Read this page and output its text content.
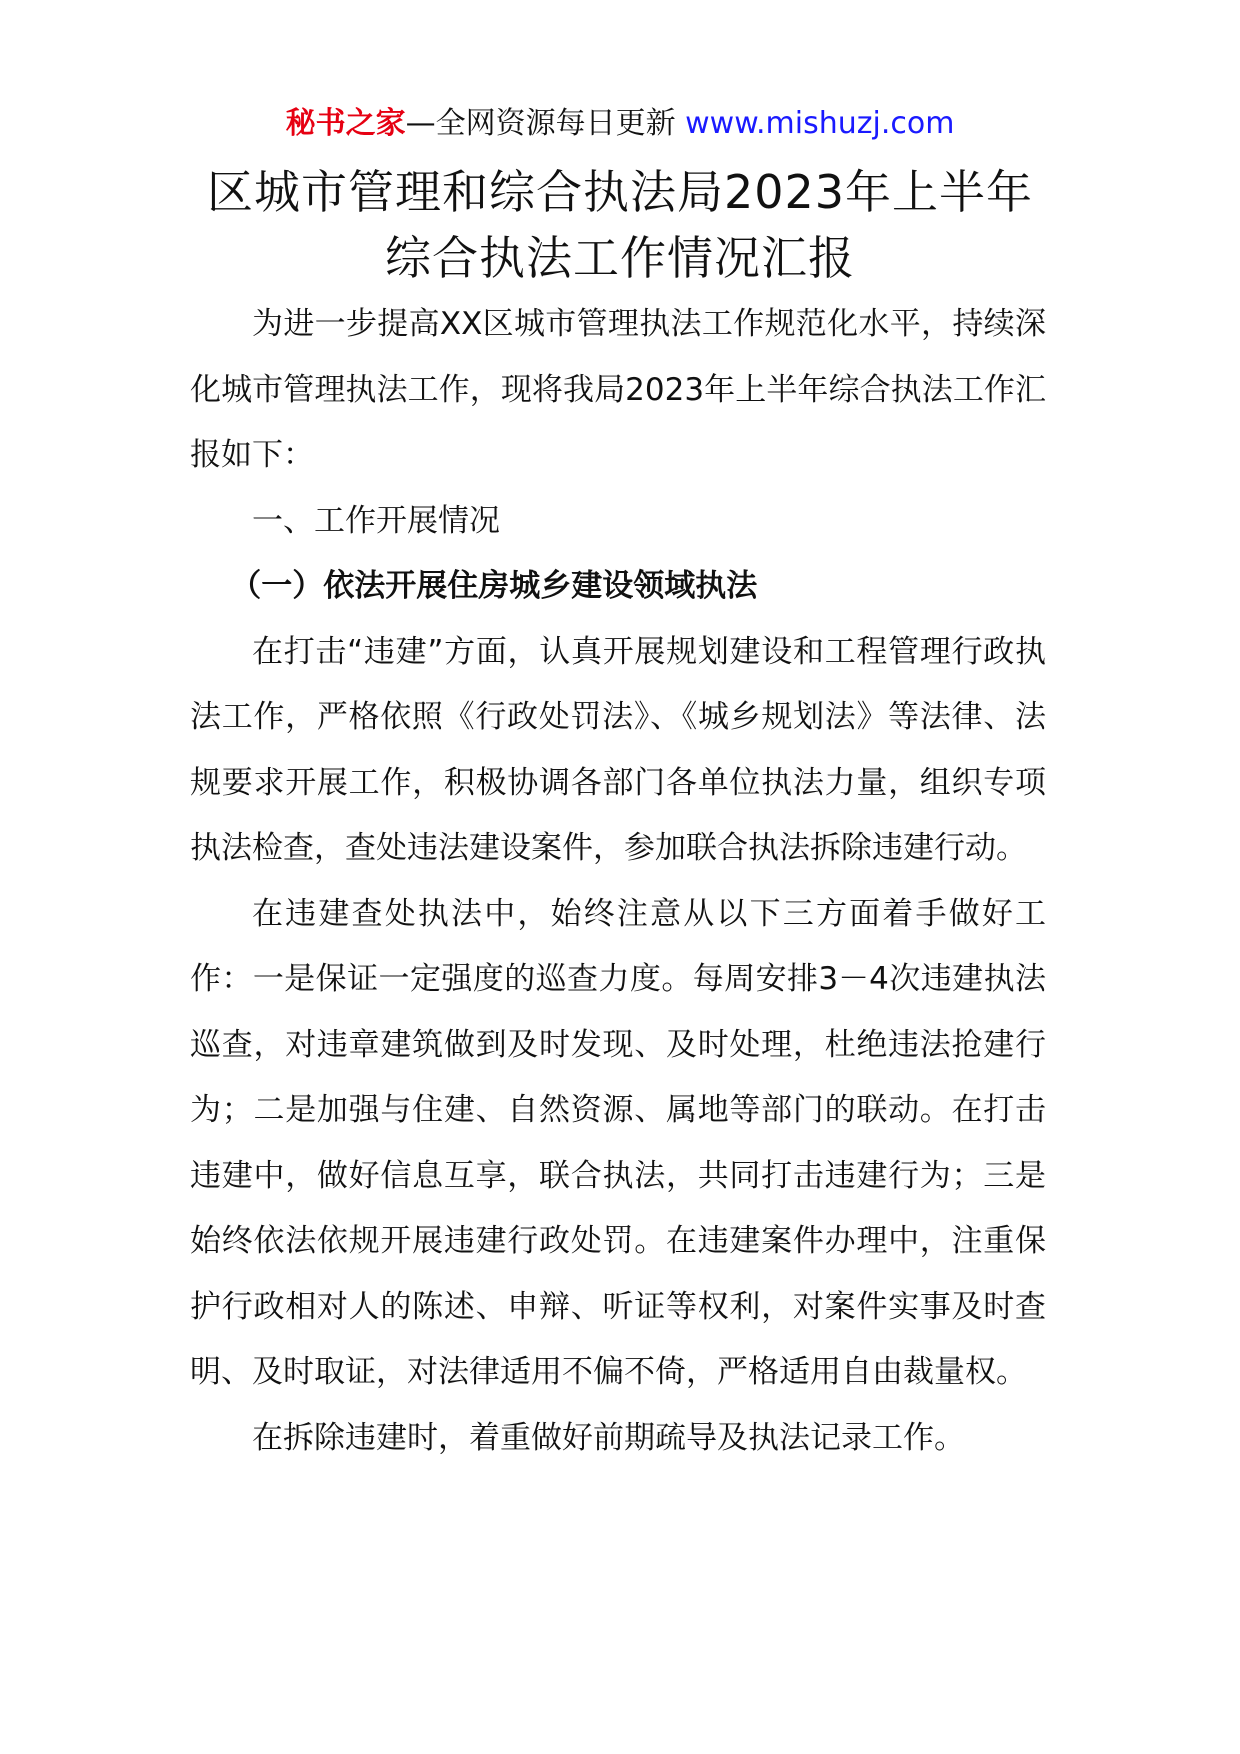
秘书之家—全网资源每日更新 www.mishuzj.com
区城市管理和综合执法局2023年上半年
综合执法工作情况汇报

为进一步提高XX区城市管理执法工作规范化水平，持续深化城市管理执法工作，现将我局2023年上半年综合执法工作汇报如下：

一、工作开展情况

（一）依法开展住房城乡建设领域执法

在打击“违建”方面，认真开展规划建设和工程管理行政执法工作，严格依照《行政处罚法》、《城乡规划法》等法律、法规要求开展工作，积极协调各部门各单位执法力量，组织专项执法检查，查处违法建设案件，参加联合执法拆除违建行动。

在违建查处执法中，始终注意从以下三方面着手做好工作：一是保证一定强度的巡查力度。每周安排3－4次违建执法巡查，对违章建筑做到及时发现、及时处理，杜绝违法抢建行为；二是加强与住建、自然资源、属地等部门的联动。在打击违建中，做好信息互享，联合执法，共同打击违建行为；三是始终依法依规开展违建行政处罚。在违建案件办理中，注重保护行政相对人的陈述、申辩、听证等权利，对案件实事及时查明、及时取证，对法律适用不偏不倚，严格适用自由裁量权。

在拆除违建时，着重做好前期疏导及执法记录工作。
